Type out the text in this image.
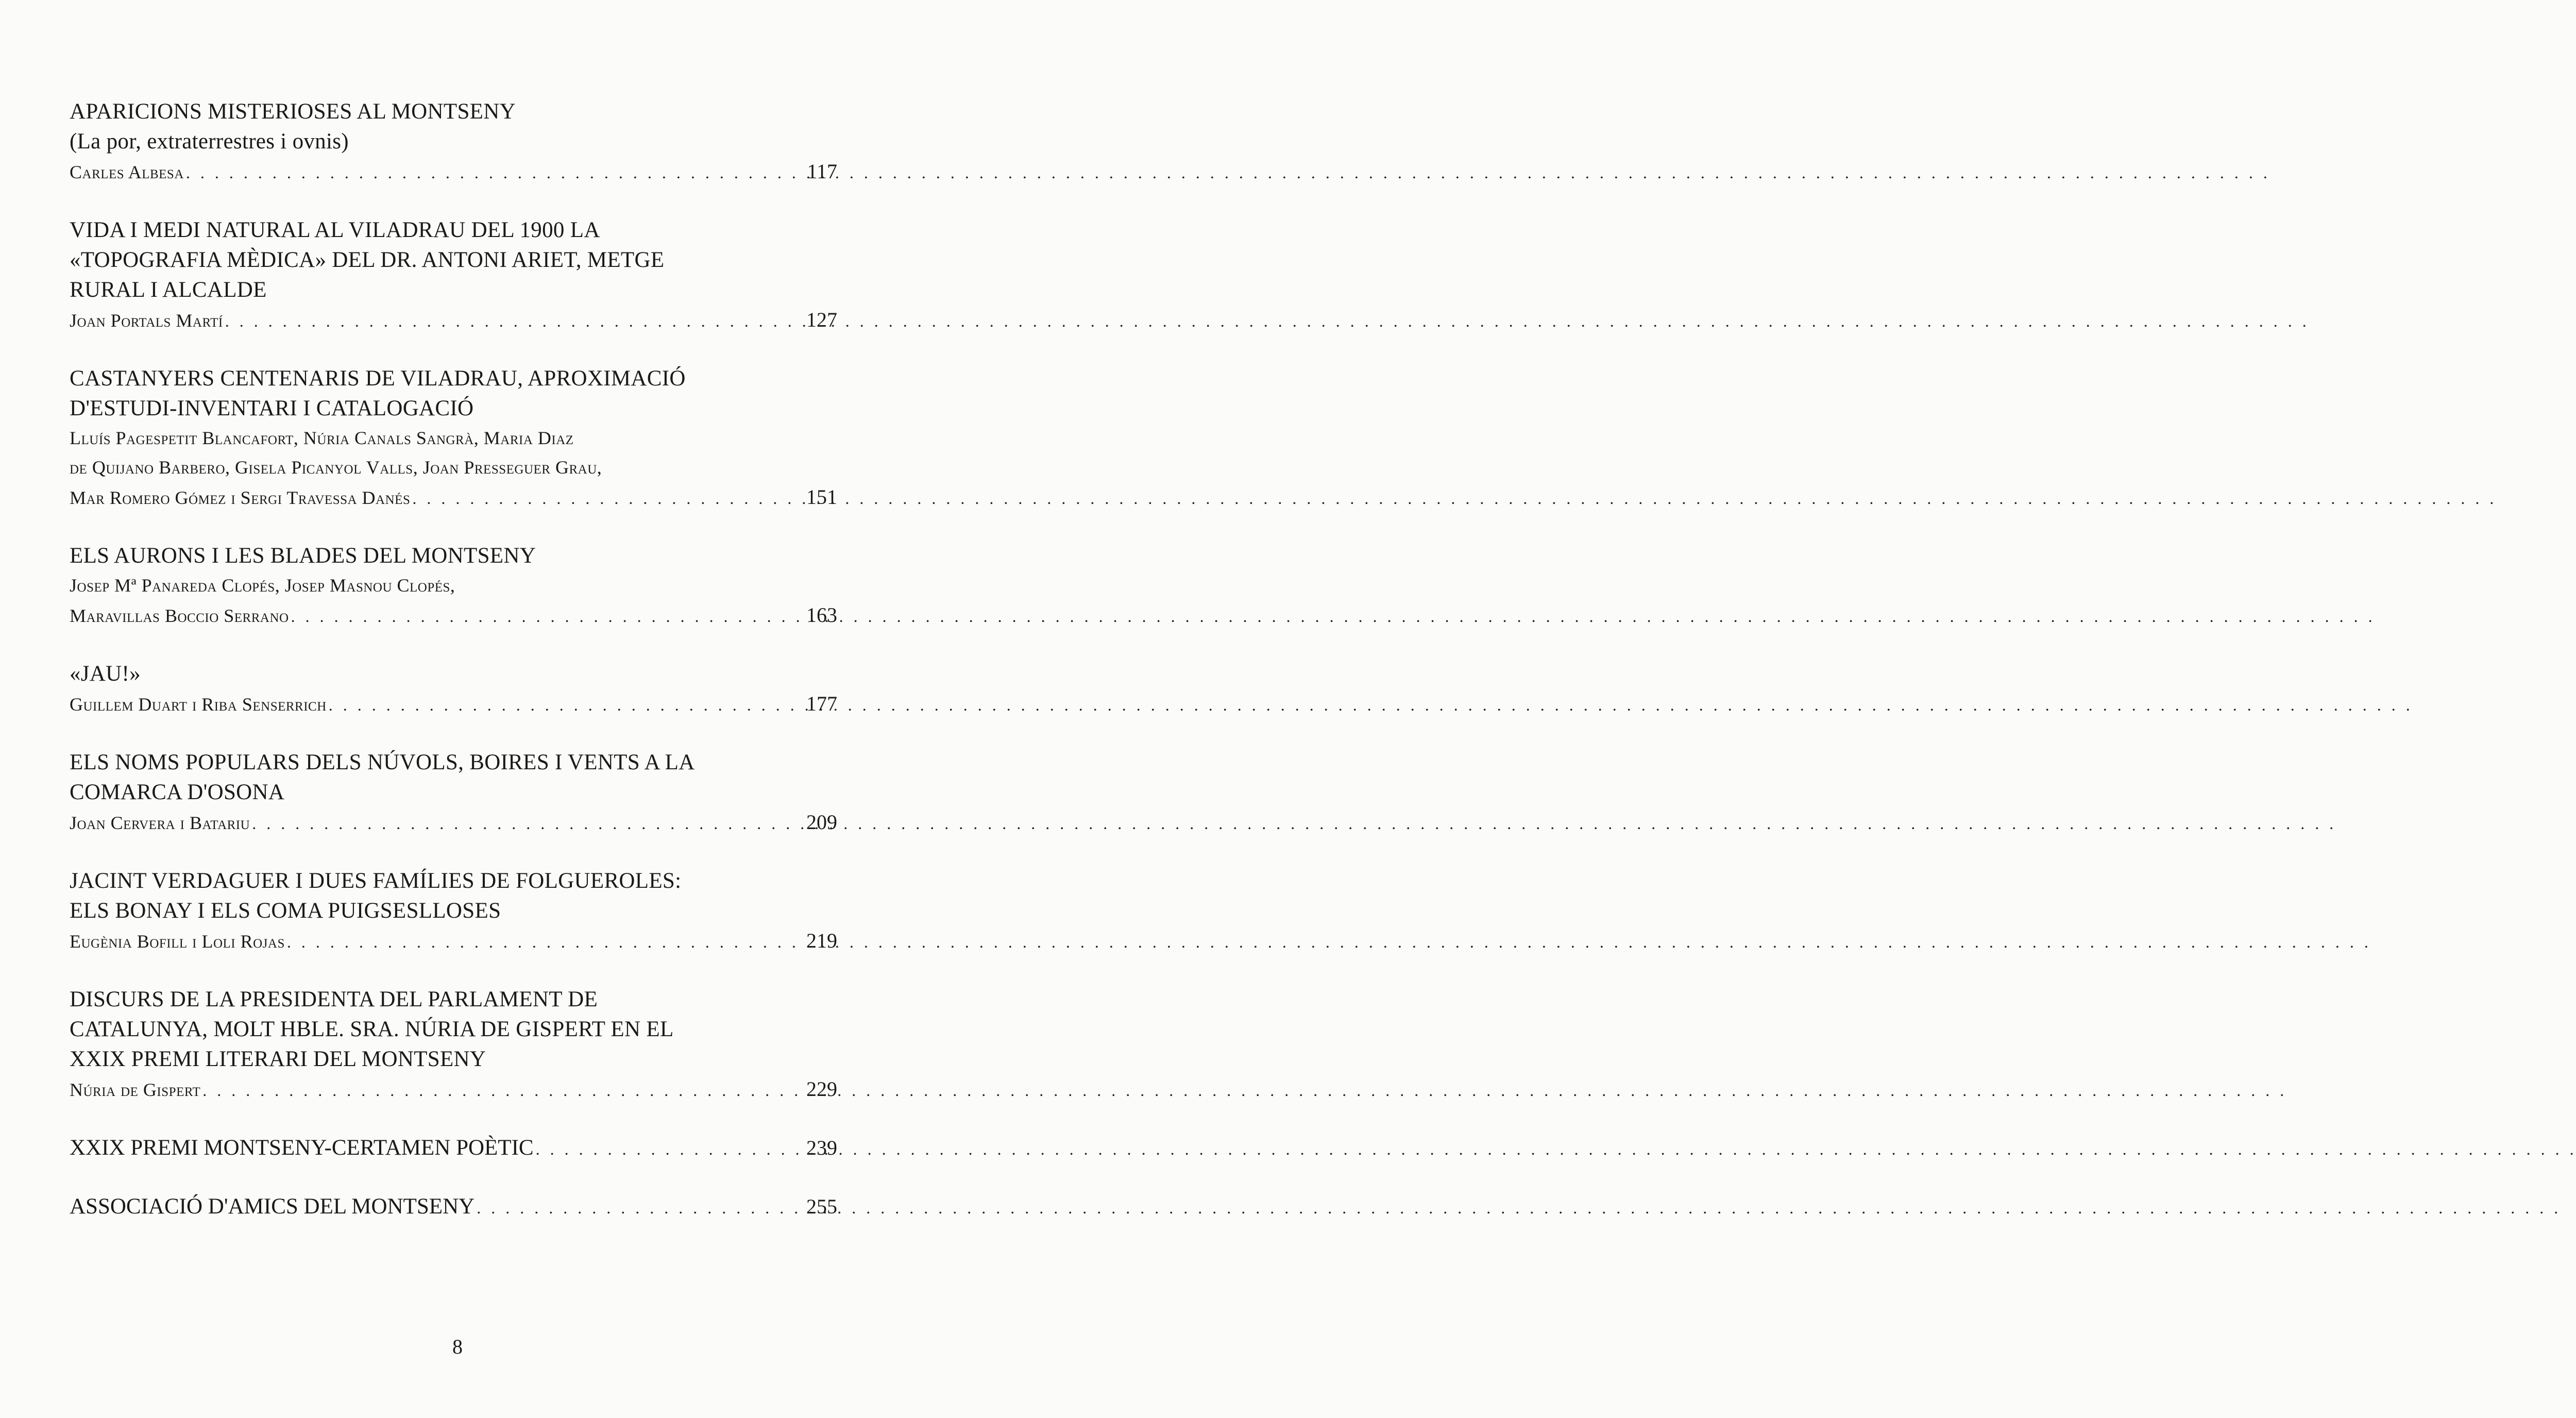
APARICIONS MISTERIOSES AL MONTSENY
(La por, extraterrestres i ovnis)
Carles Albesa . . .	117
VIDA I MEDI NATURAL AL VILADRAU DEL 1900 LA
«TOPOGRAFIA MÈDICA» DEL DR. ANTONI ARIET, METGE
RURAL I ALCALDE
Joan Portals Martí . . .	127
CASTANYERS CENTENARIS DE VILADRAU, APROXIMACIÓ
D'ESTUDI-INVENTARI I CATALOGACIÓ
Lluís Pagespetit Blancafort, Núria Canals Sangrà, Maria Diaz
de Quijano Barbero, Gisela Picanyol Valls, Joan Presseguer Grau,
Mar Romero Gómez i Sergi Travessa Danés . . .	151
ELS AURONS I LES BLADES DEL MONTSENY
Josep Mª Panareda Clopés, Josep Masnou Clopés,
Maravillas Boccio Serrano . . .	163
«JAU!»
Guillem Duart i Riba Senserrich . . .	177
ELS NOMS POPULARS DELS NÚVOLS, BOIRES I VENTS A LA
COMARCA D'OSONA
Joan Cervera i Batariu . . .	209
JACINT VERDAGUER I DUES FAMÍLIES DE FOLGUEROLES:
ELS BONAY I ELS COMA PUIGSESLLOSES
Eugènia Bofill i Loli Rojas . . .	219
DISCURS DE LA PRESIDENTA DEL PARLAMENT DE
CATALUNYA, MOLT HBLE. SRA. NÚRIA DE GISPERT EN EL
XXIX PREMI LITERARI DEL MONTSENY
Núria de Gispert . . .	229
XXIX PREMI MONTSENY-CERTAMEN POÈTIC . . .	239
ASSOCIACIÓ D'AMICS DEL MONTSENY . . .	255
8
